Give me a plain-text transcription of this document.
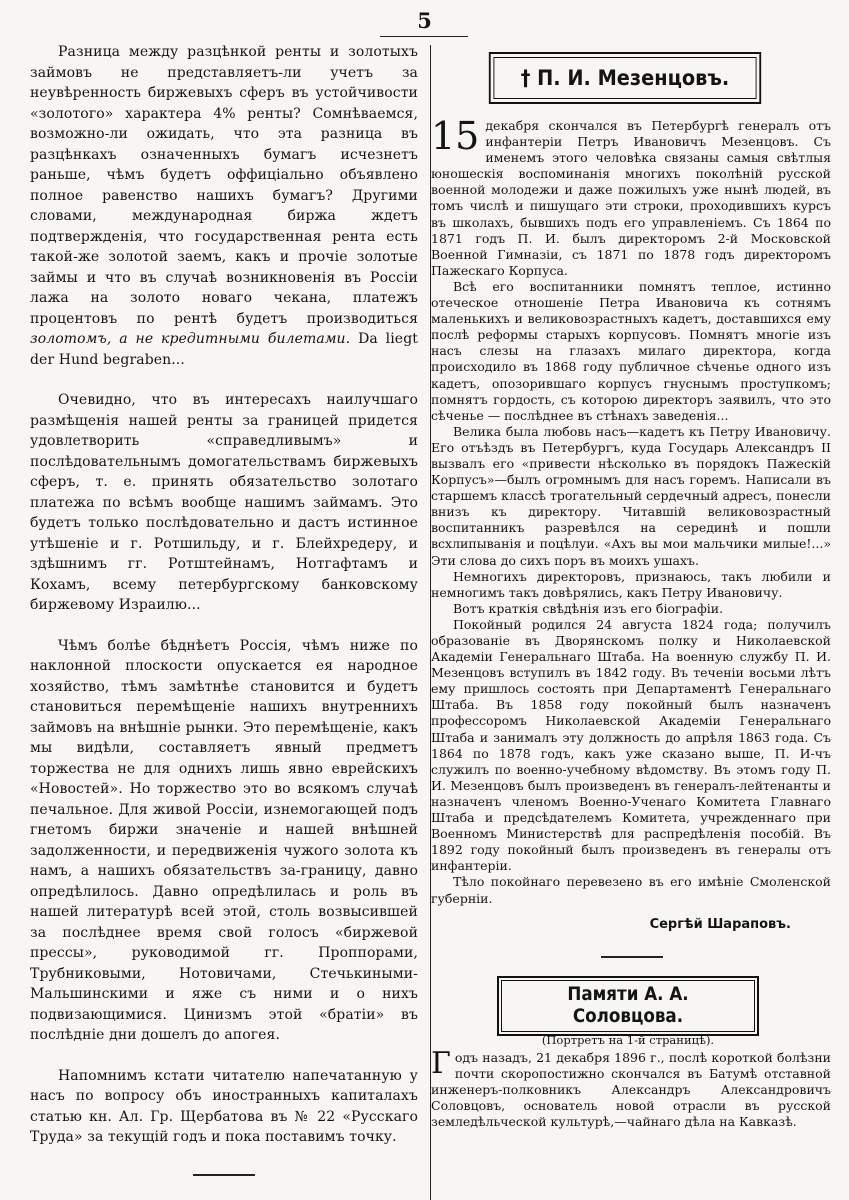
5

Разница между разцѣнкой ренты и золотыхъ займовъ не представляетъ-ли учетъ за неувѣренность биржевыхъ сферъ въ устойчивости «золотого» характера 4% ренты? Сомнѣваемся, возможно-ли ожидать, что эта разница въ разцѣнкахъ означенныхъ бумагъ исчезнетъ раньше, чѣмъ будетъ оффиціально объявлено полное равенство нашихъ бумагъ? Другими словами, международная биржа ждетъ подтвержденія, что государственная рента есть такой-же золотой заемъ, какъ и прочіе золотые займы и что въ случаѣ возникновенія въ Россіи лажа на золото новаго чекана, платежъ процентовъ по рентѣ будетъ производиться золотомъ, а не кредитными билетами. Da liegt der Hund begraben...

Очевидно, что въ интересахъ наилучшаго размѣщенія нашей ренты за границей придется удовлетворить «справедливымъ» и послѣдовательнымъ домогательствамъ биржевыхъ сферъ, т. е. принять обязательство золотаго платежа по всѣмъ вообще нашимъ займамъ. Это будетъ только послѣдовательно и дастъ истинное утѣшеніе и г. Ротшильду, и г. Блейхредеру, и здѣшнимъ гг. Ротштейнамъ, Нотгафтамъ и Кохамъ, всему петербургскому банковскому биржевому Израилю...

Чѣмъ болѣе бѣднѣетъ Россія, чѣмъ ниже по наклонной плоскости опускается ея народное хозяйство, тѣмъ замѣтнѣе становится и будетъ становиться перемѣщеніе нашихъ внутреннихъ займовъ на внѣшніе рынки. Это перемѣщеніе, какъ мы видѣли, составляетъ явный предметъ торжества не для однихъ лишь явно еврейскихъ «Новостей». Но торжество это во всякомъ случаѣ печальное. Для живой Россіи, изнемогающей подъ гнетомъ биржи значеніе и нашей внѣшней задолженности, и передвиженія чужого золота къ намъ, а нашихъ обязательствъ за-границу, давно опредѣлилось. Давно опредѣлилась и роль въ нашей литературѣ всей этой, столь возвысившей за послѣднее время свой голосъ «биржевой прессы», руководимой гг. Проппорами, Трубниковыми, Нотовичами, Стечькиными-Мальшинскими и яже съ ними и о нихъ подвизающимися. Цинизмъ этой «братіи» въ послѣдніе дни дошелъ до апогея.

Напомнимъ кстати читателю напечатанную у насъ по вопросу объ иностранныхъ капиталахъ статью кн. Ал. Гр. Щербатова въ № 22 «Русскаго Труда» за текущій годъ и пока поставимъ точку.

† П. И. Мезенцовъ.

15 декабря скончался въ Петербургѣ генералъ отъ инфантеріи Петръ Ивановичъ Мезенцовъ. Съ именемъ этого человѣка связаны самыя свѣтлыя юношескія воспоминанія многихъ поколѣній русской военной молодежи и даже пожилыхъ уже нынѣ людей, въ томъ числѣ и пишущаго эти строки, проходившихъ курсъ въ школахъ, бывшихъ подъ его управленіемъ. Съ 1864 по 1871 годъ П. И. былъ директоромъ 2-й Московской Военной Гимназіи, съ 1871 по 1878 годъ директоромъ Пажескаго Корпуса.

Всѣ его воспитанники помнятъ теплое, истинно отеческое отношеніе Петра Ивановича къ сотнямъ маленькихъ и великовозрастныхъ кадетъ, доставшихся ему послѣ реформы старыхъ корпусовъ. Помнятъ многіе изъ насъ слезы на глазахъ милаго директора, когда происходило въ 1868 году публичное сѣченье одного изъ кадетъ, опозорившаго корпусъ гнуснымъ проступкомъ; помнятъ гордость, съ которою директоръ заявилъ, что это сѣченье — послѣднее въ стѣнахъ заведенія...

Велика была любовь насъ—кадетъ къ Петру Ивановичу. Его отъѣздъ въ Петербургъ, куда Государь Александръ II вызвалъ его «привести нѣсколько въ порядокъ Пажескій Корпусъ»—былъ огромнымъ для насъ горемъ. Написали въ старшемъ классѣ трогательный сердечный адресъ, понесли внизъ къ директору. Читавшій великовозрастный воспитанникъ разревѣлся на серединѣ и пошли всхлипыванія и поцѣлуи. «Ахъ вы мои мальчики милые!...» Эти слова до сихъ поръ въ моихъ ушахъ.

Немногихъ директоровъ, признаюсь, такъ любили и немногимъ такъ довѣрялись, какъ Петру Ивановичу.

Вотъ краткія свѣдѣнія изъ его біографіи.

Покойный родился 24 августа 1824 года; получилъ образованіе въ Дворянскомъ полку и Николаевской Академіи Генеральнаго Штаба. На военную службу П. И. Мезенцовъ вступилъ въ 1842 году. Въ теченіи восьми лѣтъ ему пришлось состоять при Департаментѣ Генеральнаго Штаба. Въ 1858 году покойный былъ назначенъ профессоромъ Николаевской Академіи Генеральнаго Штаба и занималъ эту должность до апрѣля 1863 года. Съ 1864 по 1878 годъ, какъ уже сказано выше, П. И-чъ служилъ по военно-учебному вѣдомству. Въ этомъ году П. И. Мезенцовъ былъ произведенъ въ генералъ-лейтенанты и назначенъ членомъ Военно-Ученаго Комитета Главнаго Штаба и предсѣдателемъ Комитета, учрежденнаго при Военномъ Министерствѣ для распредѣленія пособій. Въ 1892 году покойный былъ произведенъ въ генералы отъ инфантеріи.

Тѣло покойнаго перевезено въ его имѣніе Смоленской губерніи.

Сергѣй Шараповъ.
Памяти А. А. Соловцова.
(Портретъ на 1-й страницѣ).

Годъ назадъ, 21 декабря 1896 г., послѣ короткой болѣзни почти скоропостижно скончался въ Батумѣ отставной инженеръ-полковникъ Александръ Александровичъ Соловцовъ, основатель новой отрасли въ русской земледѣльческой культурѣ,—чайнаго дѣла на Кавказѣ.
